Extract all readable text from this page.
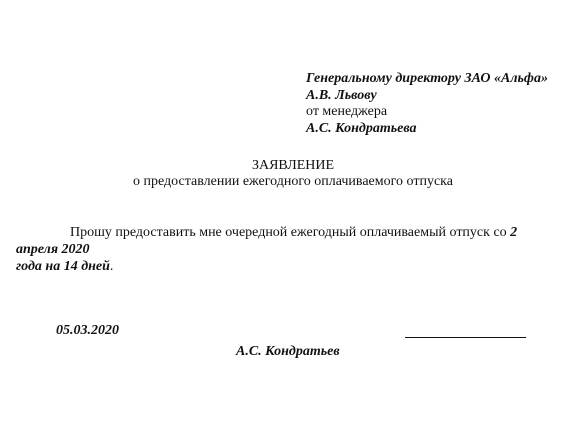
Генеральному директору ЗАО «Альфа»
А.В. Львову
от менеджера
А.С. Кондратьева
ЗАЯВЛЕНИЕ
о предоставлении ежегодного оплачиваемого отпуска
Прошу предоставить мне очередной ежегодный оплачиваемый отпуск со 2
апреля 2020
года на 14 дней.
05.03.2020
А.С. Кондратьев
